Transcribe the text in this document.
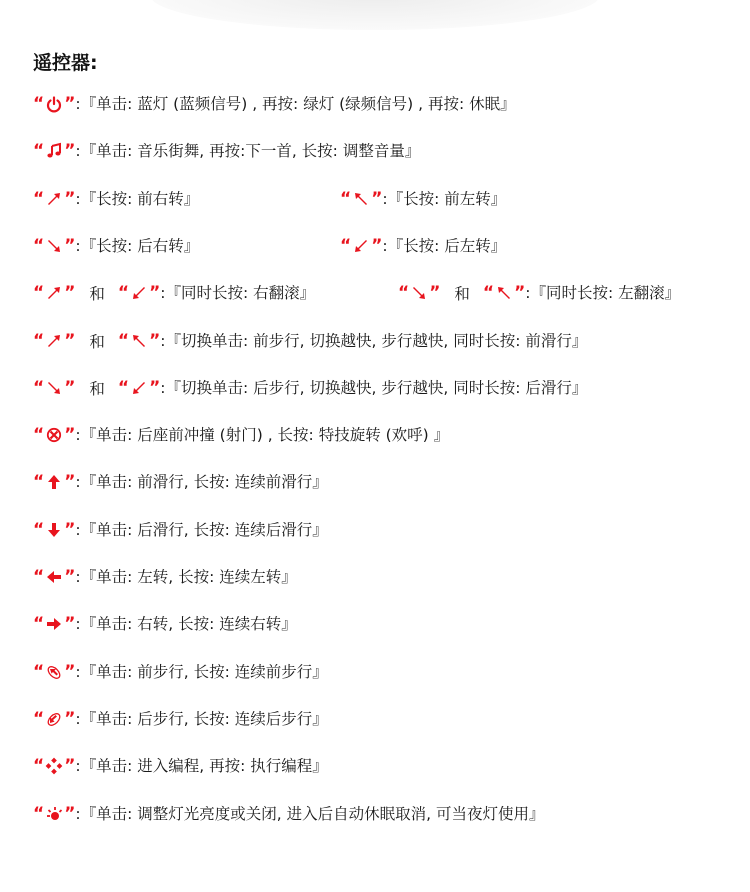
遥控器:
“ ” :『单击: 蓝灯 (蓝频信号) , 再按: 绿灯 (绿频信号) , 再按: 休眠』
“ ” :『单击: 音乐街舞, 再按:下一首, 长按: 调整音量』
“ ” :『长按: 前右转』	“ ” :『长按: 前左转』
“ ” :『长按: 后右转』	“ ” :『长按: 后左转』
“ ” 和 “ ” :『同时长按: 右翻滚』	“ ” 和 “ ” :『同时长按: 左翻滚』
“ ” 和 “ ” :『切换单击: 前步行, 切换越快, 步行越快, 同时长按: 前滑行』
“ ” 和 “ ” :『切换单击: 后步行, 切换越快, 步行越快, 同时长按: 后滑行』
“ ” :『单击: 后座前冲撞 (射门) , 长按: 特技旋转 (欢呼) 』
“ ” :『单击: 前滑行, 长按: 连续前滑行』
“ ” :『单击: 后滑行, 长按: 连续后滑行』
“ ” :『单击: 左转, 长按: 连续左转』
“ ” :『单击: 右转, 长按: 连续右转』
“ ” :『单击: 前步行, 长按: 连续前步行』
“ ” :『单击: 后步行, 长按: 连续后步行』
“ ” :『单击: 进入编程, 再按: 执行编程』
“ ” :『单击: 调整灯光亮度或关闭, 进入后自动休眠取消, 可当夜灯使用』
